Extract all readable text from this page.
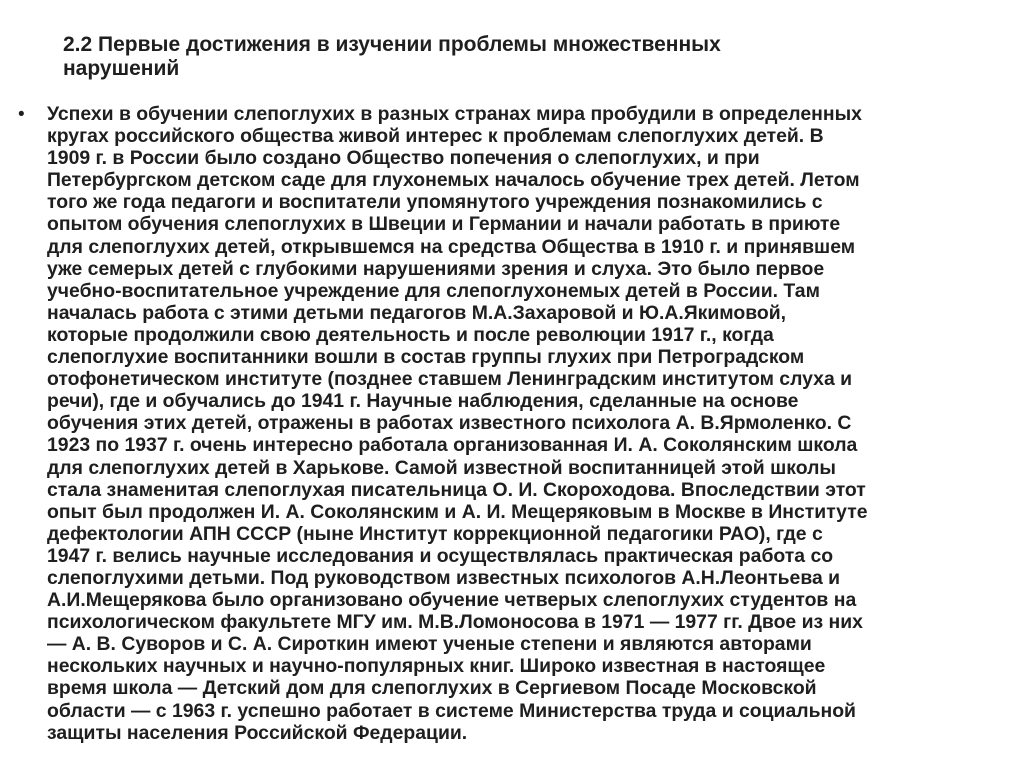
2.2 Первые достижения в изучении проблемы множественных
нарушений
• Успехи в обучении слепоглухих в разных странах мира пробудили в определенных
кругах российского общества живой интерес к проблемам слепоглухих детей. В
1909 г. в России было создано Общество попечения о слепоглухих, и при
Петербургском детском саде для глухонемых началось обучение трех детей. Летом
того же года педагоги и воспитатели упомянутого учреждения познакомились с
опытом обучения слепоглухих в Швеции и Германии и начали работать в приюте
для слепоглухих детей, открывшемся на средства Общества в 1910 г. и принявшем
уже семерых детей с глубокими нарушениями зрения и слуха. Это было первое
учебно-воспитательное учреждение для слепоглухонемых детей в России. Там
началась работа с этими детьми педагогов М.А.Захаровой и Ю.А.Якимовой,
которые продолжили свою деятельность и после революции 1917 г., когда
слепоглухие воспитанники вошли в состав группы глухих при Петроградском
отофонетическом институте (позднее ставшем Ленинградским институтом слуха и
речи), где и обучались до 1941 г. Научные наблюдения, сделанные на основе
обучения этих детей, отражены в работах известного психолога А. В.Ярмоленко. С
1923 по 1937 г. очень интересно работала организованная И. А. Соколянским школа
для слепоглухих детей в Харькове. Самой известной воспитанницей этой школы
стала знаменитая слепоглухая писательница О. И. Скороходова. Впоследствии этот
опыт был продолжен И. А. Соколянским и А. И. Мещеряковым в Москве в Институте
дефектологии АПН СССР (ныне Институт коррекционной педагогики РАО), где с
1947 г. велись научные исследования и осуществлялась практическая работа со
слепоглухими детьми. Под руководством известных психологов А.Н.Леонтьева и
А.И.Мещерякова было организовано обучение четверых слепоглухих студентов на
психологическом факультете МГУ им. М.В.Ломоносова в 1971 — 1977 гг. Двое из них
— А. В. Суворов и С. А. Сироткин имеют ученые степени и являются авторами
нескольких научных и научно-популярных книг. Широко известная в настоящее
время школа — Детский дом для слепоглухих в Сергиевом Посаде Московской
области — с 1963 г. успешно работает в системе Министерства труда и социальной
защиты населения Российской Федерации.
